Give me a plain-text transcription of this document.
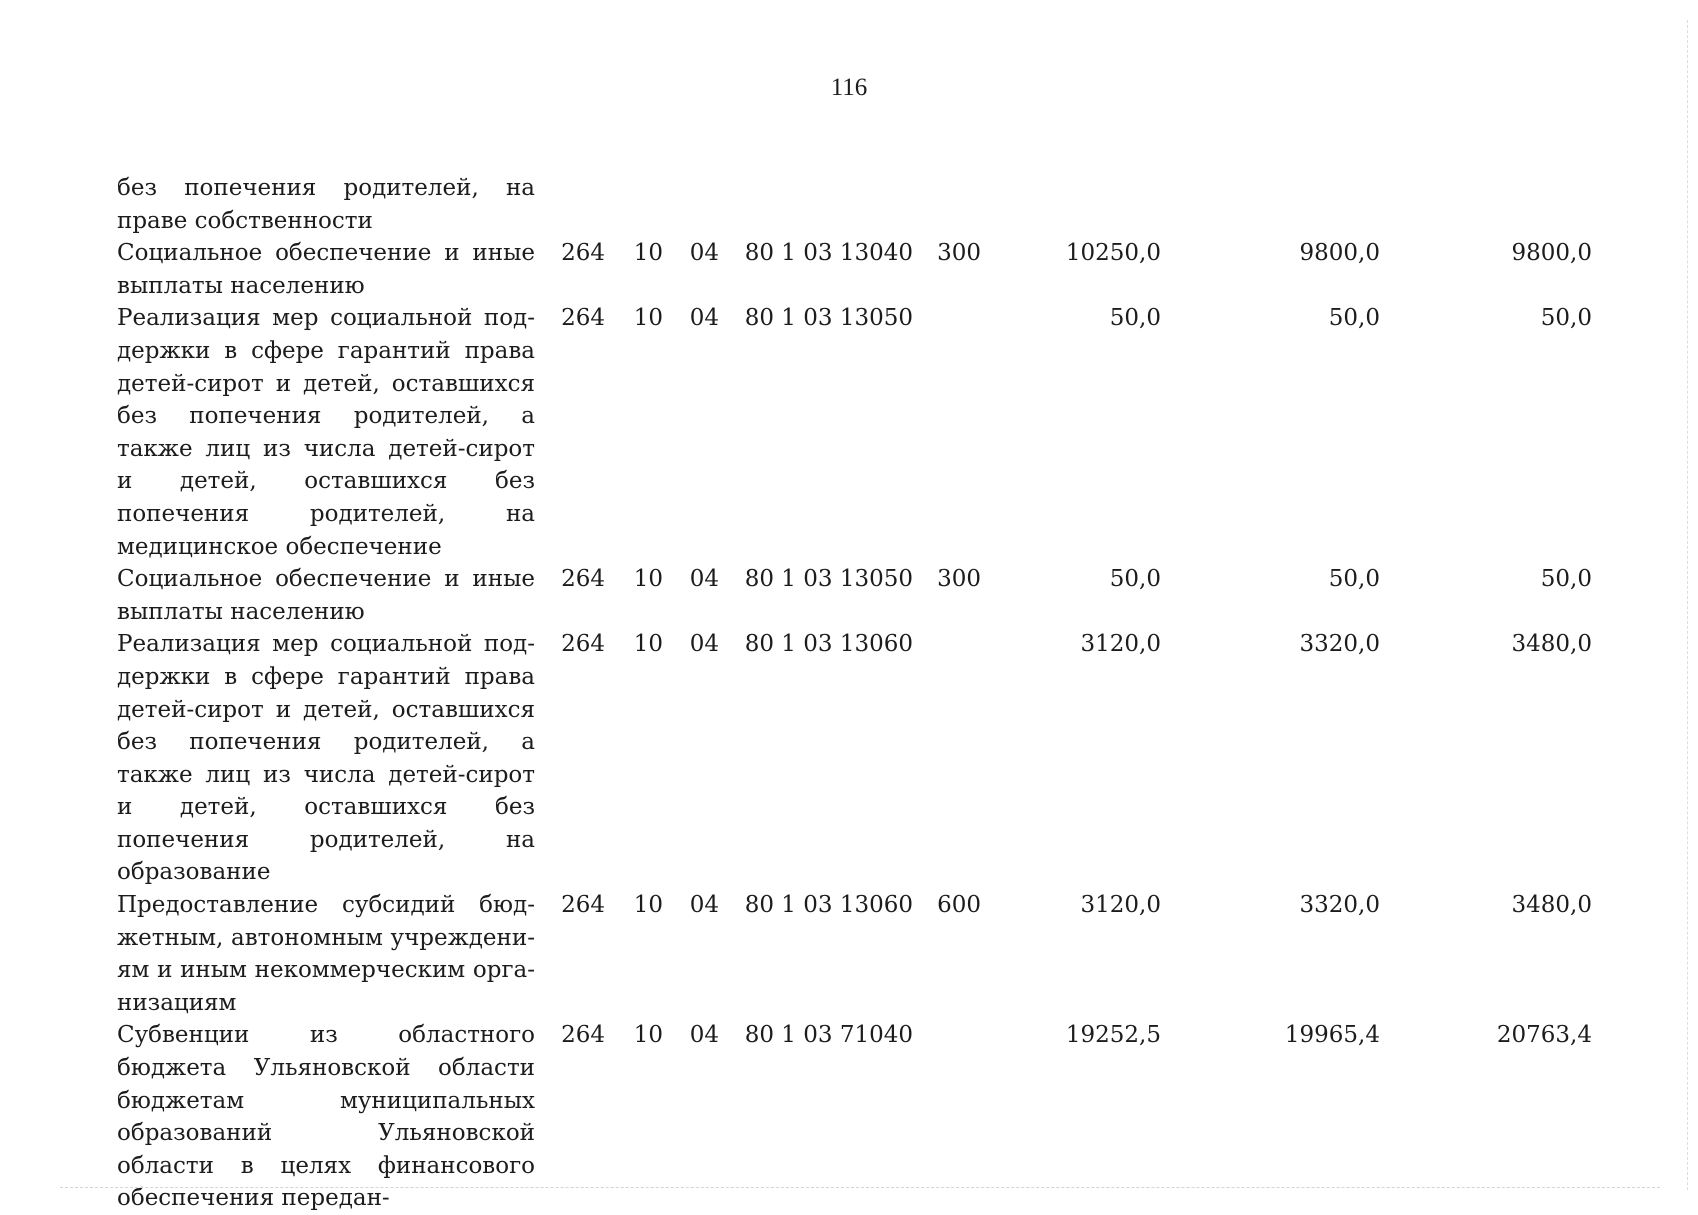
116
без попечения родителей, на праве собственности								
Социальное обеспечение и иные выплаты населению	264	10	04	80 1 03 13040	300	10250,0	9800,0	9800,0
Реализация мер социальной поддержки в сфере гарантий права детей-сирот и детей, оставшихся без попечения родителей, а также лиц из числа детей-сирот и детей, оставшихся без попечения родителей, на медицинское обеспечение	264	10	04	80 1 03 13050		50,0	50,0	50,0
Социальное обеспечение и иные выплаты населению	264	10	04	80 1 03 13050	300	50,0	50,0	50,0
Реализация мер социальной поддержки в сфере гарантий права детей-сирот и детей, оставшихся без попечения родителей, а также лиц из числа детей-сирот и детей, оставшихся без попечения родителей, на образование	264	10	04	80 1 03 13060		3120,0	3320,0	3480,0
Предоставление субсидий бюджетным, автономным учреждениям и иным некоммерческим организациям	264	10	04	80 1 03 13060	600	3120,0	3320,0	3480,0
Субвенции из областного бюджета Ульяновской области бюджетам муниципальных образований Ульяновской области в целях финансового обеспечения передан-	264	10	04	80 1 03 71040		19252,5	19965,4	20763,4
